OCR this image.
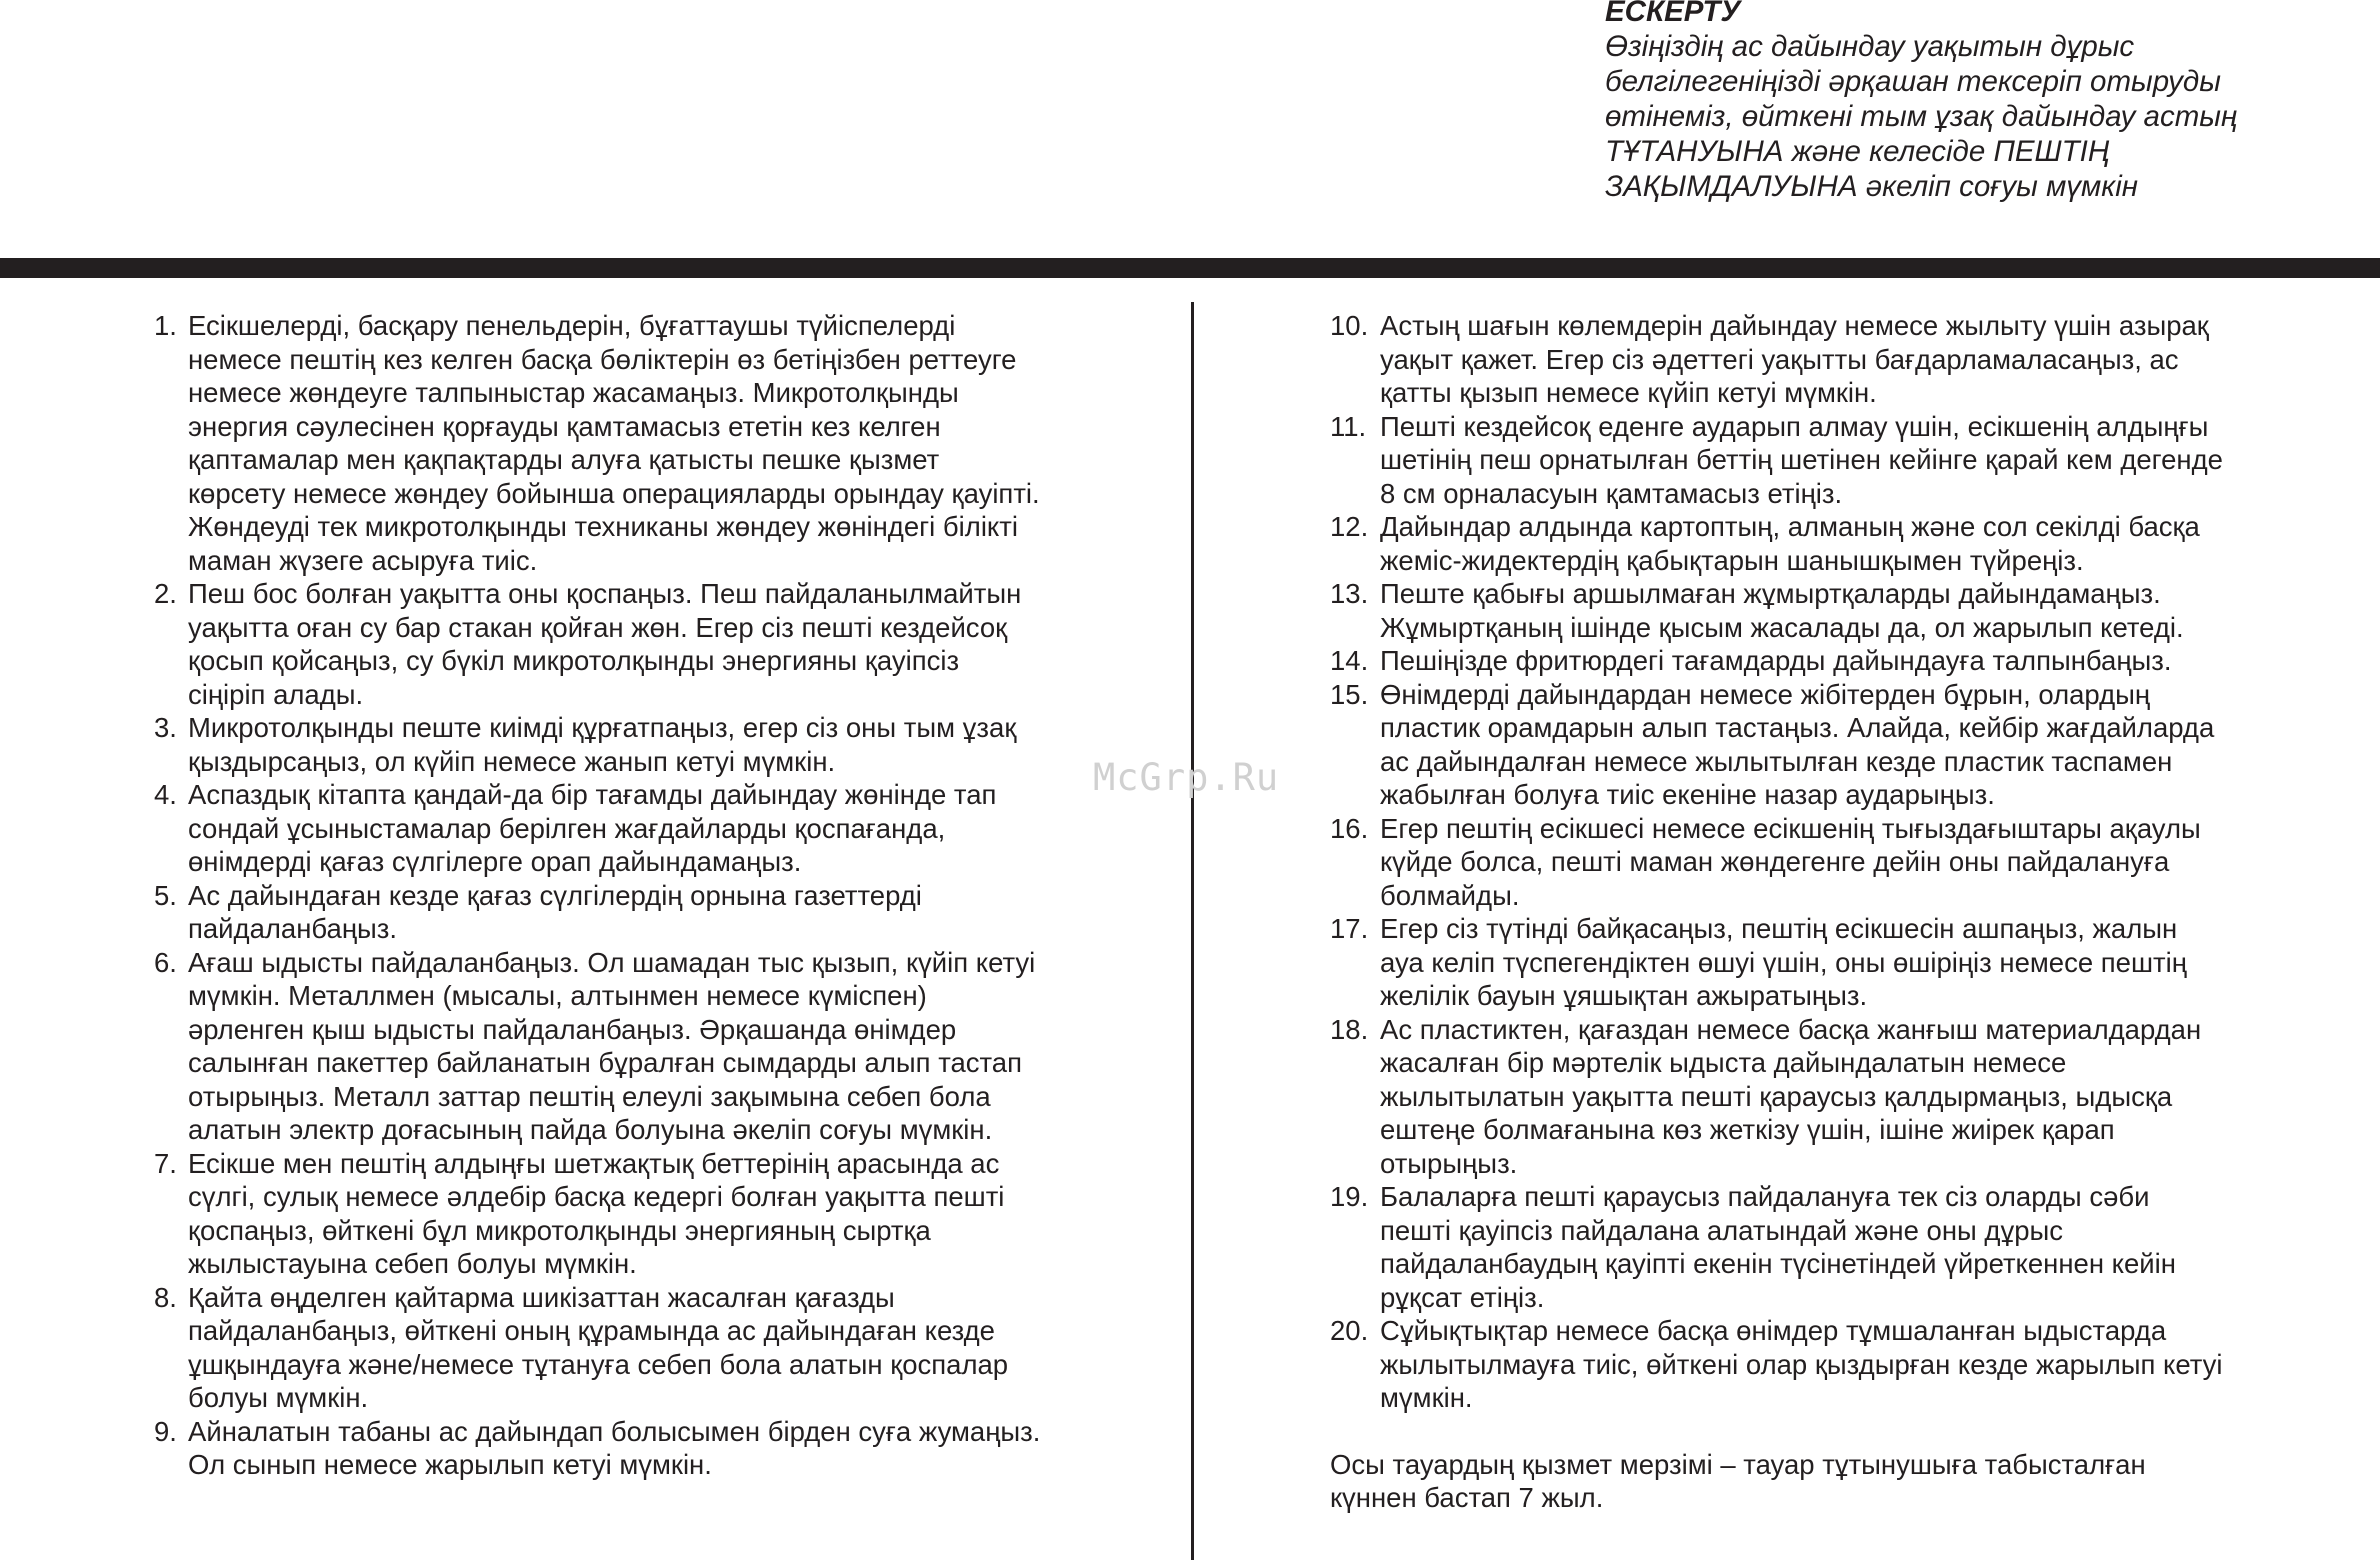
ЕСКЕРТУ
Өзіңіздің ас дайындау уақытын дұрыс
белгілегеніңізді әрқашан тексеріп отыруды
өтінеміз, өйткені тым ұзақ дайындау астың
ТҰТАНУЫНА және келесіде ПЕШТІҢ
ЗАҚЫМДАЛУЫНА әкеліп соғуы мүмкін
1. Есікшелерді, басқару пенельдерін, бұғаттаушы түйіспелерді
немесе пештің кез келген басқа бөліктерін өз бетіңізбен реттеуге
немесе жөндеуге талпыныстар жасамаңыз. Микротолқынды
энергия сәулесінен қорғауды қамтамасыз ететін кез келген
қаптамалар мен қақпақтарды алуға қатысты пешке қызмет
көрсету немесе жөндеу бойынша операцияларды орындау қауіпті.
Жөндеуді тек микротолқынды техниканы жөндеу жөніндегі білікті
маман жүзеге асыруға тиіс.
2. Пеш бос болған уақытта оны қоспаңыз. Пеш пайдаланылмайтын
уақытта оған су бар стакан қойған жөн. Егер сіз пешті кездейсоқ
қосып қойсаңыз, су бүкіл микротолқынды энергияны қауіпсіз
сіңіріп алады.
3. Микротолқынды пеште киімді құрғатпаңыз, егер сіз оны тым ұзақ
қыздырсаңыз, ол күйіп немесе жанып кетуі мүмкін.
4. Аспаздық кітапта қандай-да бір тағамды дайындау жөнінде тап
сондай ұсыныстамалар берілген жағдайларды қоспағанда,
өнімдерді қағаз сүлгілерге орап дайындамаңыз.
5. Ас дайындаған кезде қағаз сүлгілердің орнына газеттерді
пайдаланбаңыз.
6. Ағаш ыдысты пайдаланбаңыз. Ол шамадан тыс қызып, күйіп кетуі
мүмкін. Металлмен (мысалы, алтынмен немесе күміспен)
әрленген қыш ыдысты пайдаланбаңыз. Әрқашанда өнімдер
салынған пакеттер байланатын бұралған сымдарды алып тастап
отырыңыз. Металл заттар пештің елеулі зақымына себеп бола
алатын электр доғасының пайда болуына әкеліп соғуы мүмкін.
7. Есікше мен пештің алдыңғы шетжақтық беттерінің арасында ас
сүлгі, сулық немесе әлдебір басқа кедергі болған уақытта пешті
қоспаңыз, өйткені бұл микротолқынды энергияның сыртқа
жылыстауына себеп болуы мүмкін.
8. Қайта өңделген қайтарма шикізаттан жасалған қағазды
пайдаланбаңыз, өйткені оның құрамында ас дайындаған кезде
ұшқындауға және/немесе тұтануға себеп бола алатын қоспалар
болуы мүмкін.
9. Айналатын табаны ас дайындап болысымен бірден суға жумаңыз.
Ол сынып немесе жарылып кетуі мүмкін.
10. Астың шағын көлемдерін дайындау немесе жылыту үшін азырақ
уақыт қажет. Егер сіз әдеттегі уақытты бағдарламаласаңыз, ас
қатты қызып немесе күйіп кетуі мүмкін.
11. Пешті кездейсоқ еденге аударып алмау үшін, есікшенің алдыңғы
шетінің пеш орнатылған беттің шетінен кейінге қарай кем дегенде
8 см орналасуын қамтамасыз етіңіз.
12. Дайындар алдында картоптың, алманың және сол секілді басқа
жеміс-жидектердің қабықтарын шанышқымен түйреңіз.
13. Пеште қабығы аршылмаған жұмыртқаларды дайындамаңыз.
Жұмыртқаның ішінде қысым жасалады да, ол жарылып кетеді.
14. Пешіңізде фритюрдегі тағамдарды дайындауға талпынбаңыз.
15. Өнімдерді дайындардан немесе жібітерден бұрын, олардың
пластик орамдарын алып тастаңыз. Алайда, кейбір жағдайларда
ас дайындалған немесе жылытылған кезде пластик таспамен
жабылған болуға тиіс екеніне назар аударыңыз.
16. Егер пештің есікшесі немесе есікшенің тығыздағыштары ақаулы
күйде болса, пешті маман жөндегенге дейін оны пайдалануға
болмайды.
17. Егер сіз түтінді байқасаңыз, пештің есікшесін ашпаңыз, жалын
ауа келіп түспегендіктен өшуі үшін, оны өшіріңіз немесе пештің
желілік бауын ұяшықтан ажыратыңыз.
18. Ас пластиктен, қағаздан немесе басқа жанғыш материалдардан
жасалған бір мәртелік ыдыста дайындалатын немесе
жылытылатын уақытта пешті қараусыз қалдырмаңыз, ыдысқа
ештеңе болмағанына көз жеткізу үшін, ішіне жиірек қарап
отырыңыз.
19. Балаларға пешті қараусыз пайдалануға тек сіз оларды сәби
пешті қауіпсіз пайдалана алатындай және оны дұрыс
пайдаланбаудың қауіпті екенін түсінетіндей үйреткеннен кейін
рұқсат етіңіз.
20. Сұйықтықтар немесе басқа өнімдер тұмшаланған ыдыстарда
жылытылмауға тиіс, өйткені олар қыздырған кезде жарылып кетуі
мүмкін.
Осы тауардың қызмет мерзімі – тауар тұтынушыға табысталған
күннен бастап 7 жыл.
McGrp.Ru
